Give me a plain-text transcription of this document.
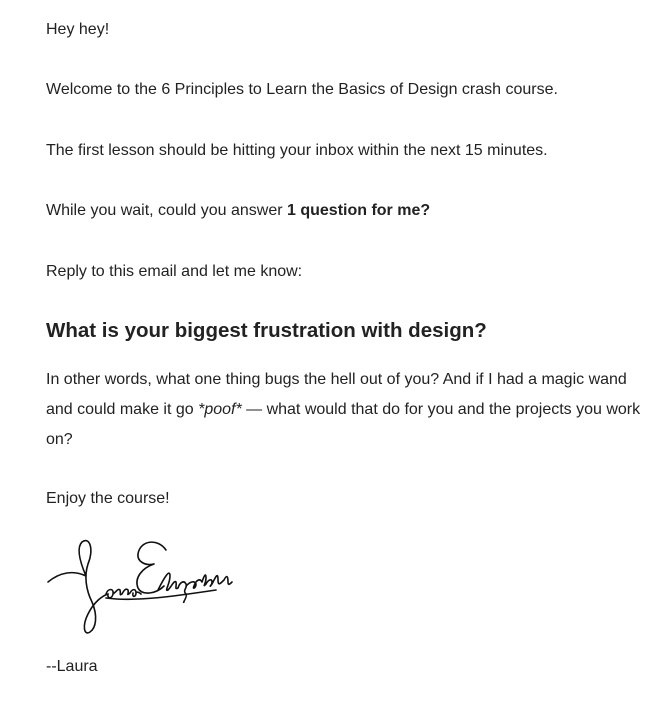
Hey hey!

Welcome to the 6 Principles to Learn the Basics of Design crash course.

The first lesson should be hitting your inbox within the next 15 minutes.

While you wait, could you answer 1 question for me?

Reply to this email and let me know:

What is your biggest frustration with design?

In other words, what one thing bugs the hell out of you? And if I had a magic wand and could make it go *poof* — what would that do for you and the projects you work on?

Enjoy the course!

--Laura
